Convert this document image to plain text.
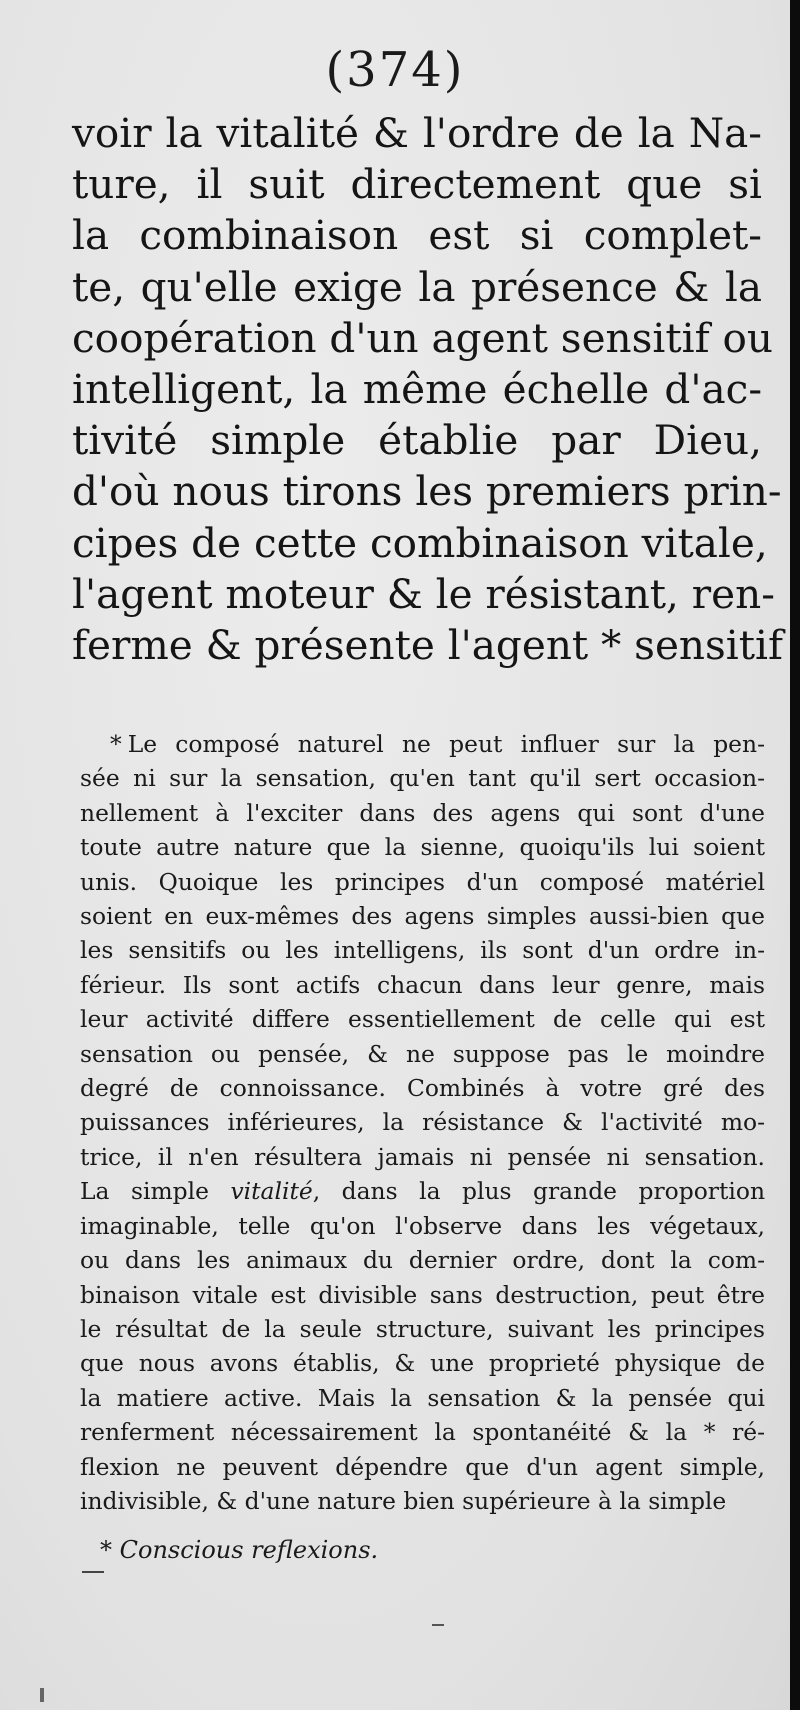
(374)
voir la vitalité & l'ordre de la Na-
ture, il suit directement que si
la combinaison est si complet-
te, qu'elle exige la présence & la
coopération d'un agent sensitif ou
intelligent, la même échelle d'ac-
tivité simple établie par Dieu,
d'où nous tirons les premiers prin-
cipes de cette combinaison vitale,
l'agent moteur & le résistant, ren-
ferme & présente l'agent * sensitif
* Le composé naturel ne peut influer sur la pen-
sée ni sur la sensation, qu'en tant qu'il sert occasion-
nellement à l'exciter dans des agens qui sont d'une
toute autre nature que la sienne, quoiqu'ils lui soient
unis. Quoique les principes d'un composé matériel
soient en eux-mêmes des agens simples aussi-bien que
les sensitifs ou les intelligens, ils sont d'un ordre in-
férieur. Ils sont actifs chacun dans leur genre, mais
leur activité differe essentiellement de celle qui est
sensation ou pensée, & ne suppose pas le moindre
degré de connoissance. Combinés à votre gré des
puissances inférieures, la résistance & l'activité mo-
trice, il n'en résultera jamais ni pensée ni sensation.
La simple vitalité, dans la plus grande proportion
imaginable, telle qu'on l'observe dans les végetaux,
ou dans les animaux du dernier ordre, dont la com-
binaison vitale est divisible sans destruction, peut être
le résultat de la seule structure, suivant les principes
que nous avons établis, & une proprieté physique de
la matiere active. Mais la sensation & la pensée qui
renferment nécessairement la spontanéité & la * ré-
flexion ne peuvent dépendre que d'un agent simple,
indivisible, & d'une nature bien supérieure à la simple
* Conscious reflexions.
